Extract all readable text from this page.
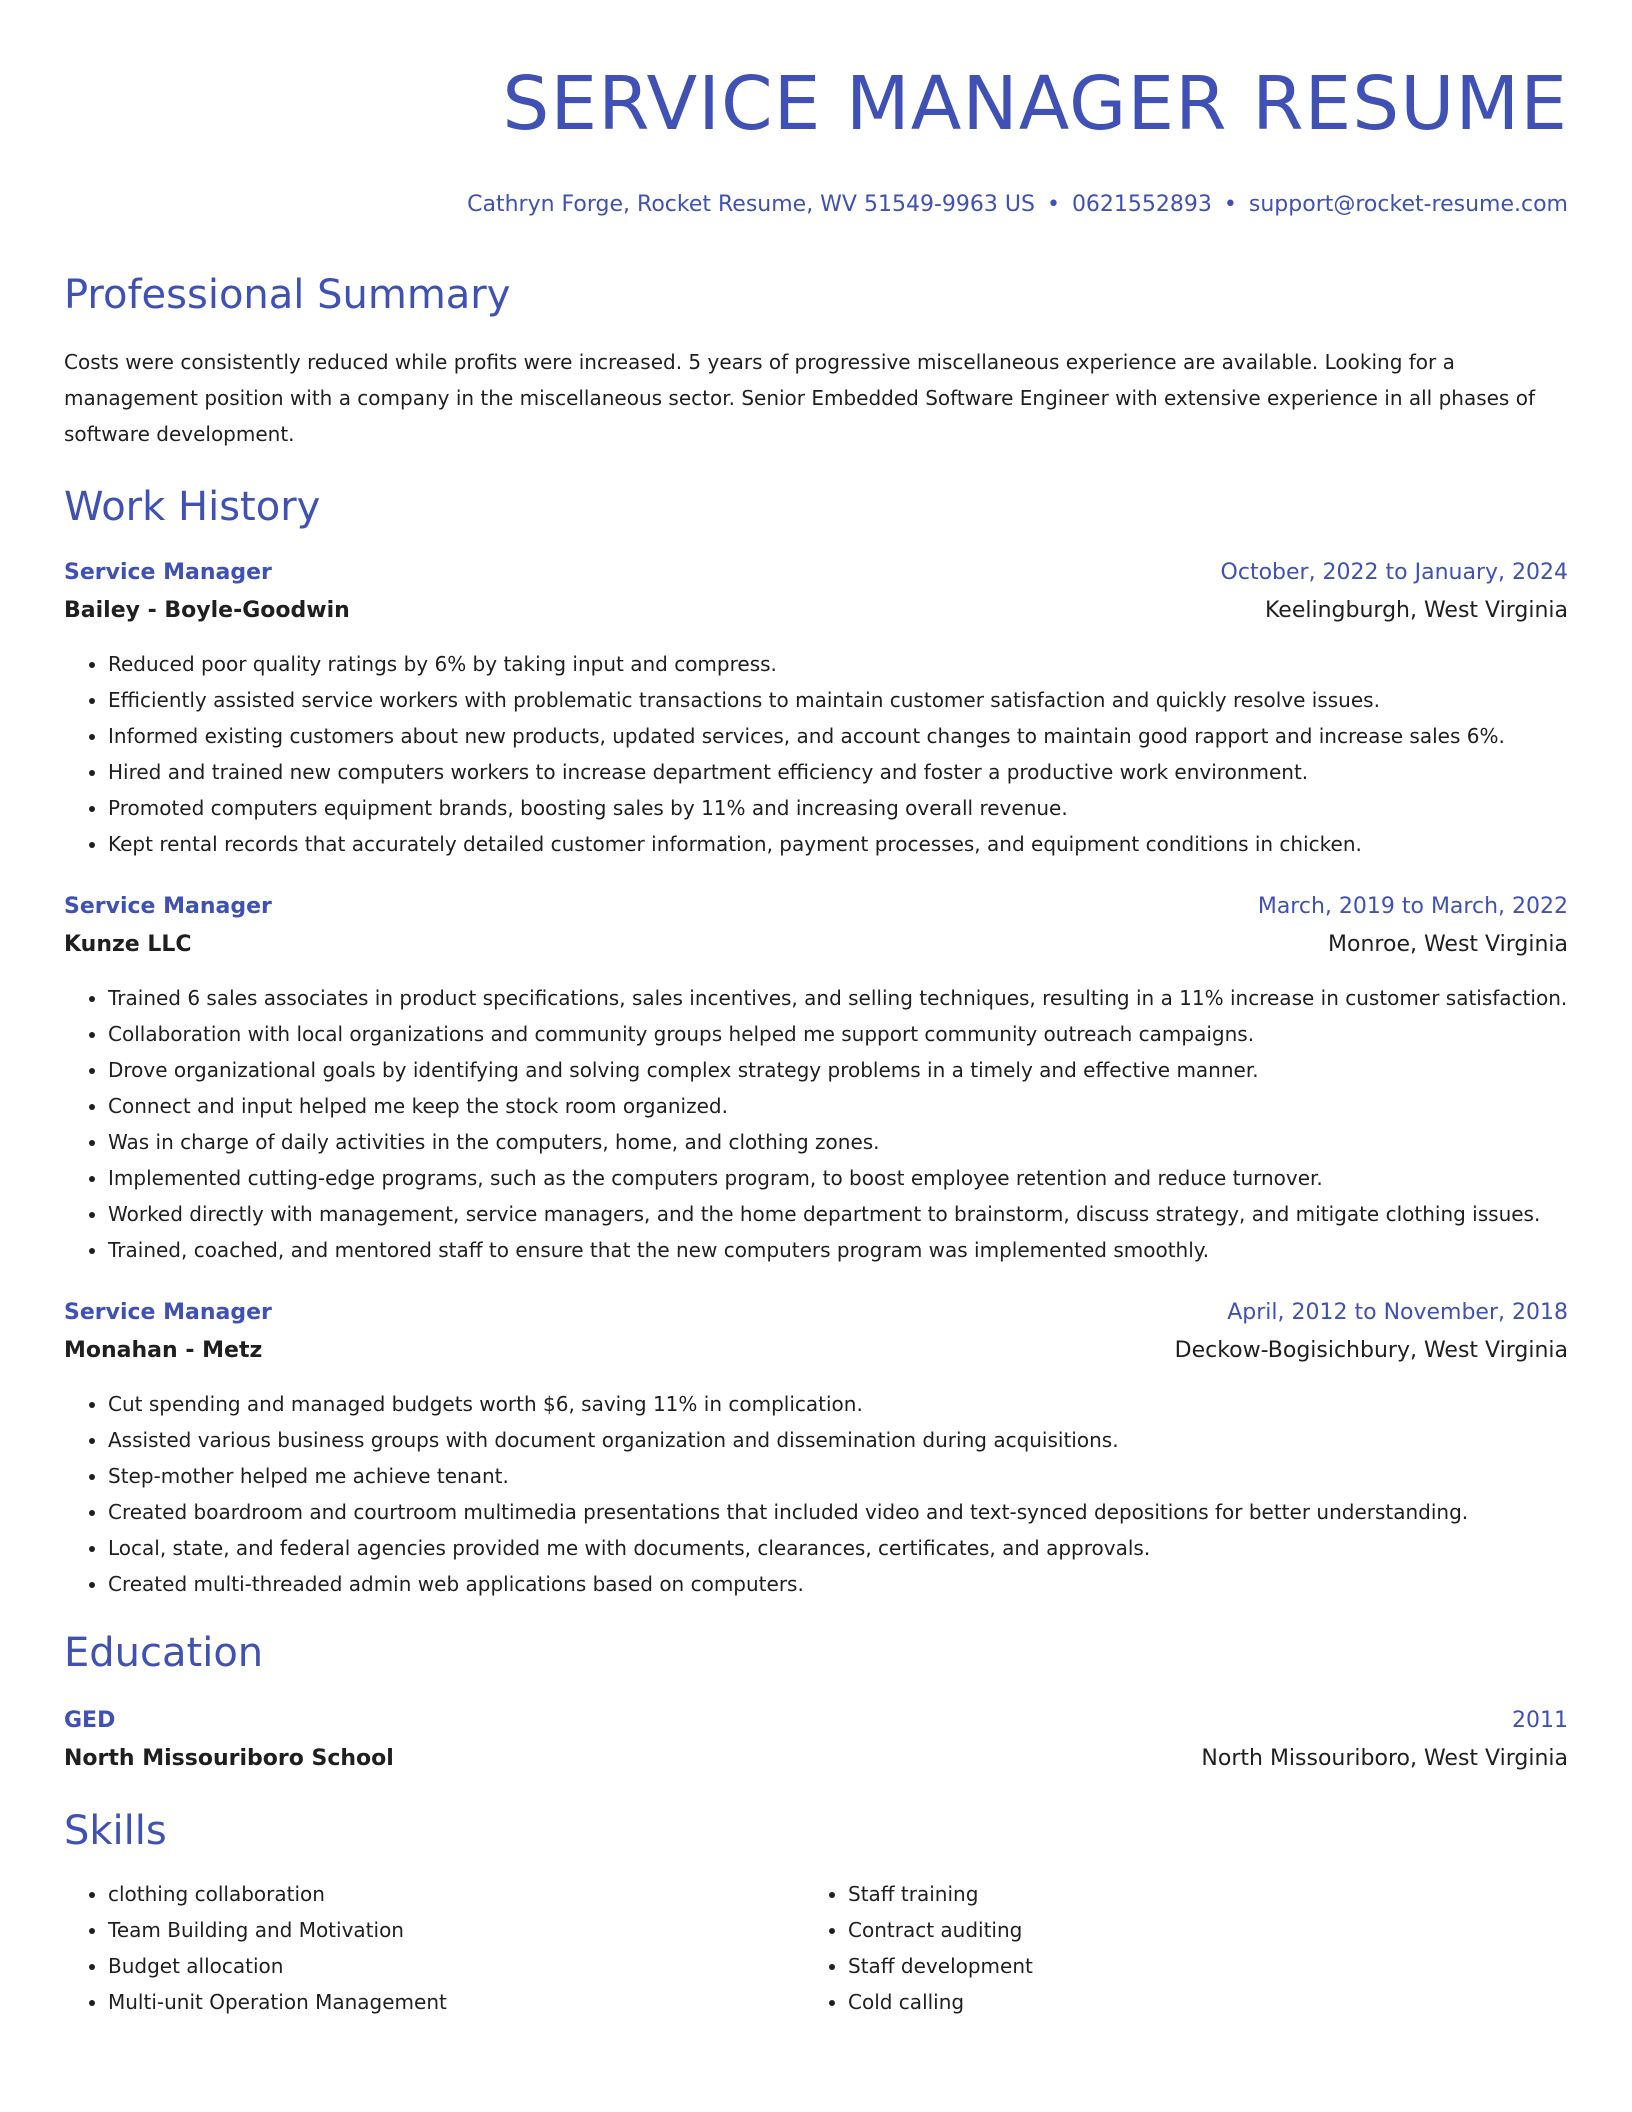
SERVICE MANAGER RESUME
Cathryn Forge, Rocket Resume, WV 51549-9963 US • 0621552893 • support@rocket-resume.com
Professional Summary

Costs were consistently reduced while profits were increased. 5 years of progressive miscellaneous experience are available. Looking for a management position with a company in the miscellaneous sector. Senior Embedded Software Engineer with extensive experience in all phases of software development.

Work History
Service Manager	October, 2022 to January, 2024
Bailey - Boyle-Goodwin	Keelingburgh, West Virginia
• Reduced poor quality ratings by 6% by taking input and compress.
• Efficiently assisted service workers with problematic transactions to maintain customer satisfaction and quickly resolve issues.
• Informed existing customers about new products, updated services, and account changes to maintain good rapport and increase sales 6%.
• Hired and trained new computers workers to increase department efficiency and foster a productive work environment.
• Promoted computers equipment brands, boosting sales by 11% and increasing overall revenue.
• Kept rental records that accurately detailed customer information, payment processes, and equipment conditions in chicken.
Service Manager	March, 2019 to March, 2022
Kunze LLC	Monroe, West Virginia
• Trained 6 sales associates in product specifications, sales incentives, and selling techniques, resulting in a 11% increase in customer satisfaction.
• Collaboration with local organizations and community groups helped me support community outreach campaigns.
• Drove organizational goals by identifying and solving complex strategy problems in a timely and effective manner.
• Connect and input helped me keep the stock room organized.
• Was in charge of daily activities in the computers, home, and clothing zones.
• Implemented cutting-edge programs, such as the computers program, to boost employee retention and reduce turnover.
• Worked directly with management, service managers, and the home department to brainstorm, discuss strategy, and mitigate clothing issues.
• Trained, coached, and mentored staff to ensure that the new computers program was implemented smoothly.
Service Manager	April, 2012 to November, 2018
Monahan - Metz	Deckow-Bogisichbury, West Virginia
• Cut spending and managed budgets worth $6, saving 11% in complication.
• Assisted various business groups with document organization and dissemination during acquisitions.
• Step-mother helped me achieve tenant.
• Created boardroom and courtroom multimedia presentations that included video and text-synced depositions for better understanding.
• Local, state, and federal agencies provided me with documents, clearances, certificates, and approvals.
• Created multi-threaded admin web applications based on computers.
Education
GED	2011
North Missouriboro School	North Missouriboro, West Virginia
Skills
• clothing collaboration
• Team Building and Motivation
• Budget allocation
• Multi-unit Operation Management
• Staff training
• Contract auditing
• Staff development
• Cold calling
